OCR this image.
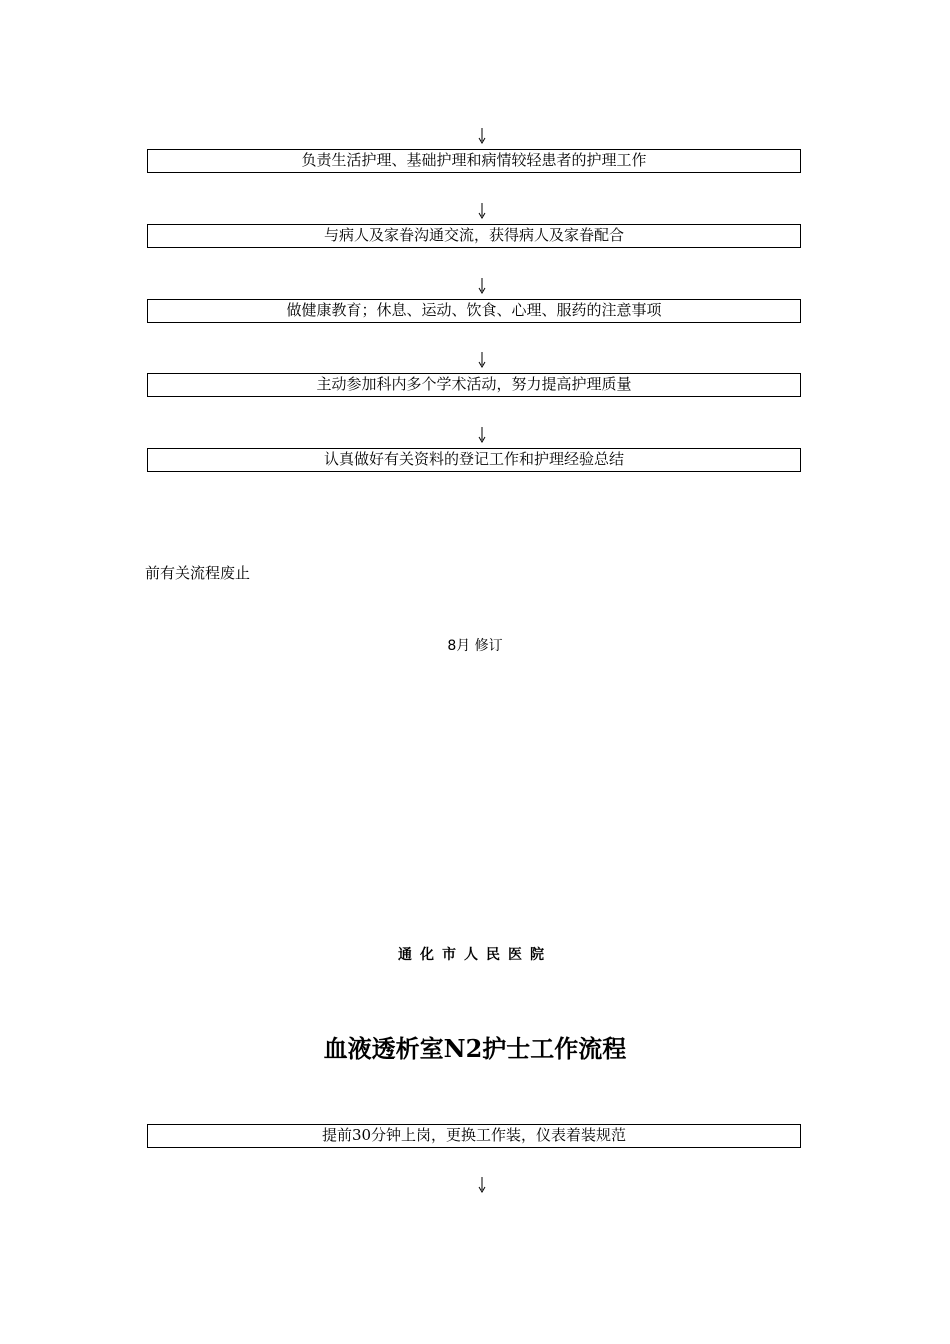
负责生活护理、基础护理和病情较轻患者的护理工作
与病人及家眷沟通交流，获得病人及家眷配合
做健康教育；休息、运动、饮食、心理、服药的注意事项
主动参加科内多个学术活动，努力提高护理质量
认真做好有关资料的登记工作和护理经验总结
前有关流程废止
8月 修订
通化市人民医院
血液透析室N2护士工作流程
提前30分钟上岗，更换工作装，仪表着装规范
